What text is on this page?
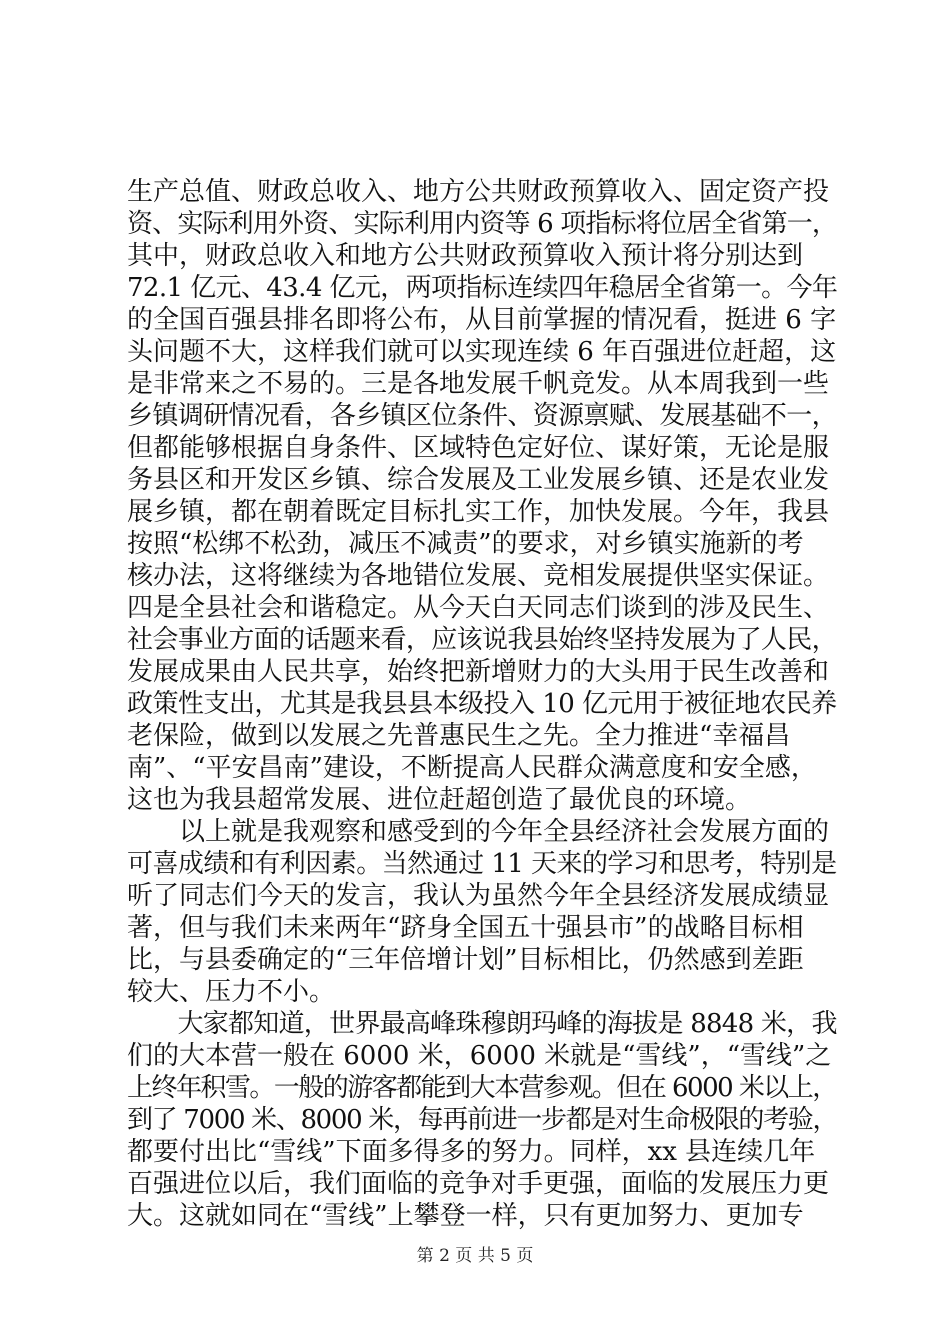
生产总值、财政总收入、地方公共财政预算收入、固定资产投
资、实际利用外资、实际利用内资等 6 项指标将位居全省第一，
其中，财政总收入和地方公共财政预算收入预计将分别达到
72.1 亿元、43.4 亿元，两项指标连续四年稳居全省第一。今年
的全国百强县排名即将公布，从目前掌握的情况看，挺进 6 字
头问题不大，这样我们就可以实现连续 6 年百强进位赶超，这
是非常来之不易的。三是各地发展千帆竞发。从本周我到一些
乡镇调研情况看，各乡镇区位条件、资源禀赋、发展基础不一，
但都能够根据自身条件、区域特色定好位、谋好策，无论是服
务县区和开发区乡镇、综合发展及工业发展乡镇、还是农业发
展乡镇，都在朝着既定目标扎实工作，加快发展。今年，我县
按照“松绑不松劲，减压不减责”的要求，对乡镇实施新的考
核办法，这将继续为各地错位发展、竞相发展提供坚实保证。
四是全县社会和谐稳定。从今天白天同志们谈到的涉及民生、
社会事业方面的话题来看，应该说我县始终坚持发展为了人民，
发展成果由人民共享，始终把新增财力的大头用于民生改善和
政策性支出，尤其是我县县本级投入 10 亿元用于被征地农民养
老保险，做到以发展之先普惠民生之先。全力推进“幸福昌
南”、“平安昌南”建设，不断提高人民群众满意度和安全感，
这也为我县超常发展、进位赶超创造了最优良的环境。
　　以上就是我观察和感受到的今年全县经济社会发展方面的
可喜成绩和有利因素。当然通过 11 天来的学习和思考，特别是
听了同志们今天的发言，我认为虽然今年全县经济发展成绩显
著，但与我们未来两年“跻身全国五十强县市”的战略目标相
比，与县委确定的“三年倍增计划”目标相比，仍然感到差距
较大、压力不小。
　　大家都知道，世界最高峰珠穆朗玛峰的海拔是 8848 米，我
们的大本营一般在 6000 米，6000 米就是“雪线”，“雪线”之
上终年积雪。一般的游客都能到大本营参观。但在 6000 米以上，
到了 7000 米、8000 米，每再前进一步都是对生命极限的考验，
都要付出比“雪线”下面多得多的努力。同样，xx 县连续几年
百强进位以后，我们面临的竞争对手更强，面临的发展压力更
大。这就如同在“雪线”上攀登一样，只有更加努力、更加专
第 2 页 共 5 页
